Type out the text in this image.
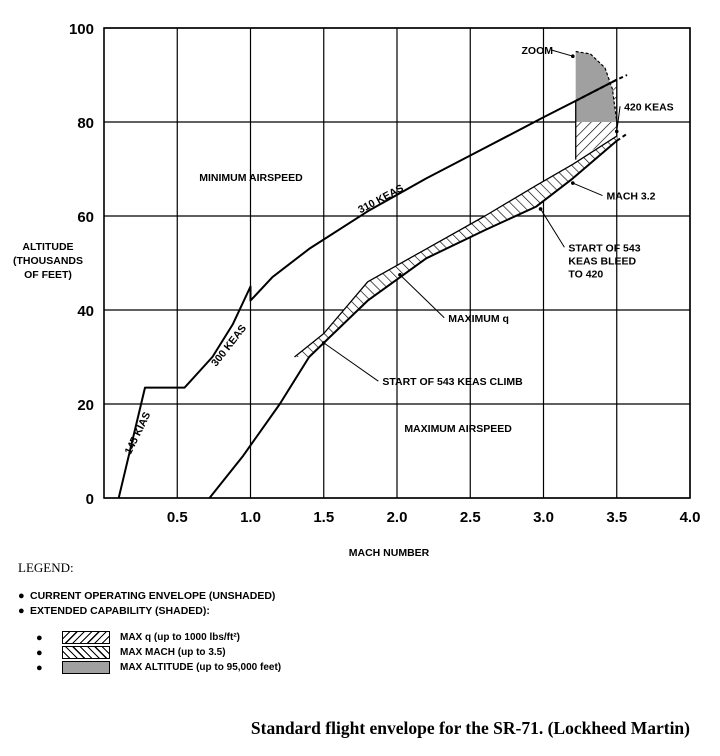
0.5	1.0	1.5	2.0	2.5	3.0	3.5	4.0
0
20
40
60
80
100
ALTITUDE
(THOUSANDS
OF FEET)
MACH NUMBER
145 KIAS
300 KEAS
310 KEAS
MINIMUM AIRSPEED
MAXIMUM AIRSPEED
ZOOM
420 KEAS
MACH 3.2
START OF 543
KEAS BLEED
TO 420
MAXIMUM q
START OF 543 KEAS CLIMB
LEGEND:
● CURRENT OPERATING ENVELOPE (UNSHADED)
● EXTENDED CAPABILITY (SHADED):
●	MAX q (up to 1000 lbs/ft²)
●	MAX MACH (up to 3.5)
●	MAX ALTITUDE (up to 95,000 feet)
Standard flight envelope for the SR-71. (Lockheed Martin)
